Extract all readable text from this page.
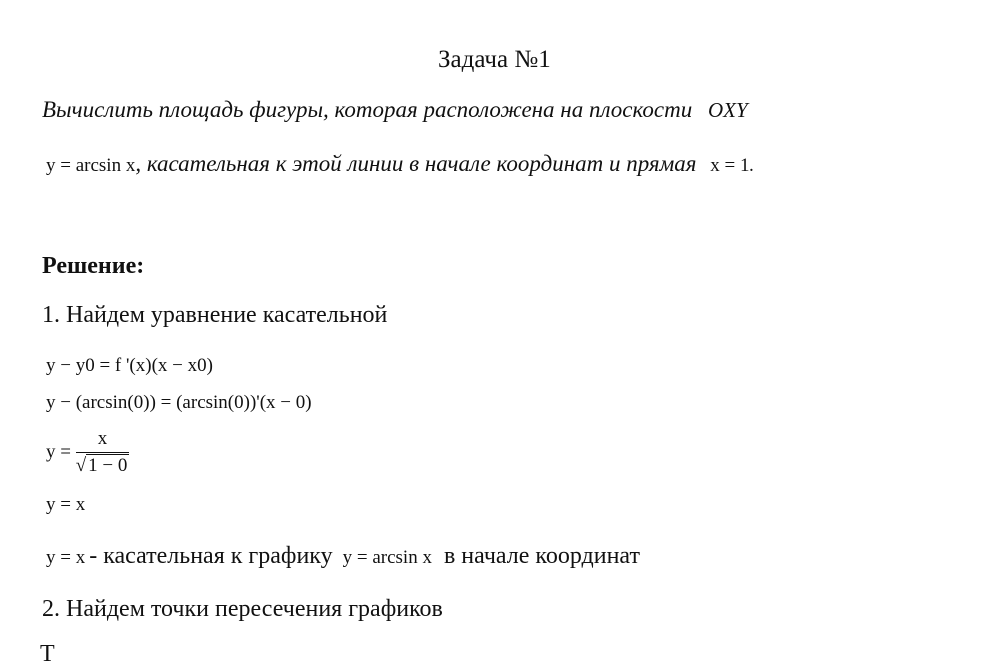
Задача №1
Вычислить площадь фигуры, которая расположена на плоскости OXY
y = arcsin x, касательная к этой линии в начале координат и прямая x = 1.
Решение:
1. Найдем уравнение касательной
y − y0 = f '(x)(x − x0)
y − (arcsin(0)) = (arcsin(0))'(x − 0)
$y = \frac{x}{√ 1 - 0}$
y = x
y = x - касательная к графику y = arcsin x в начале координат
2. Найдем точки пересечения графиков
Т
